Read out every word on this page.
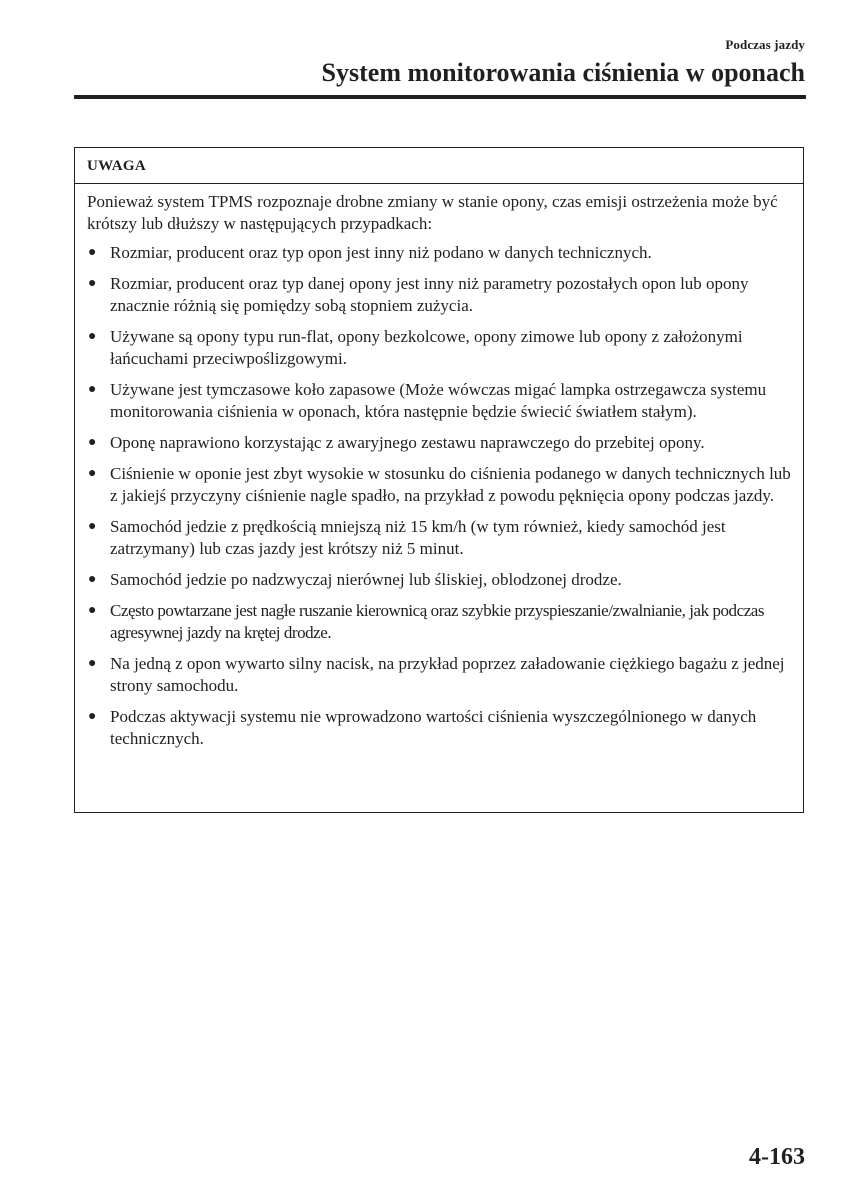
Podczas jazdy
System monitorowania ciśnienia w oponach
UWAGA

Ponieważ system TPMS rozpoznaje drobne zmiany w stanie opony, czas emisji ostrzeżenia może być krótszy lub dłuższy w następujących przypadkach:

● Rozmiar, producent oraz typ opon jest inny niż podano w danych technicznych.
● Rozmiar, producent oraz typ danej opony jest inny niż parametry pozostałych opon lub opony znacznie różnią się pomiędzy sobą stopniem zużycia.
● Używane są opony typu run-flat, opony bezkolcowe, opony zimowe lub opony z założonymi łańcuchami przeciwpoślizgowymi.
● Używane jest tymczasowe koło zapasowe (Może wówczas migać lampka ostrzegawcza systemu monitorowania ciśnienia w oponach, która następnie będzie świecić światłem stałym).
● Oponę naprawiono korzystając z awaryjnego zestawu naprawczego do przebitej opony.
● Ciśnienie w oponie jest zbyt wysokie w stosunku do ciśnienia podanego w danych technicznych lub z jakiejś przyczyny ciśnienie nagle spadło, na przykład z powodu pęknięcia opony podczas jazdy.
● Samochód jedzie z prędkością mniejszą niż 15 km/h (w tym również, kiedy samochód jest zatrzymany) lub czas jazdy jest krótszy niż 5 minut.
● Samochód jedzie po nadzwyczaj nierównej lub śliskiej, oblodzonej drodze.
● Często powtarzane jest nagłe ruszanie kierownicą oraz szybkie przyspieszanie/zwalnianie, jak podczas agresywnej jazdy na krętej drodze.
● Na jedną z opon wywarto silny nacisk, na przykład poprzez załadowanie ciężkiego bagażu z jednej strony samochodu.
● Podczas aktywacji systemu nie wprowadzono wartości ciśnienia wyszczególnionego w danych technicznych.
4-163
